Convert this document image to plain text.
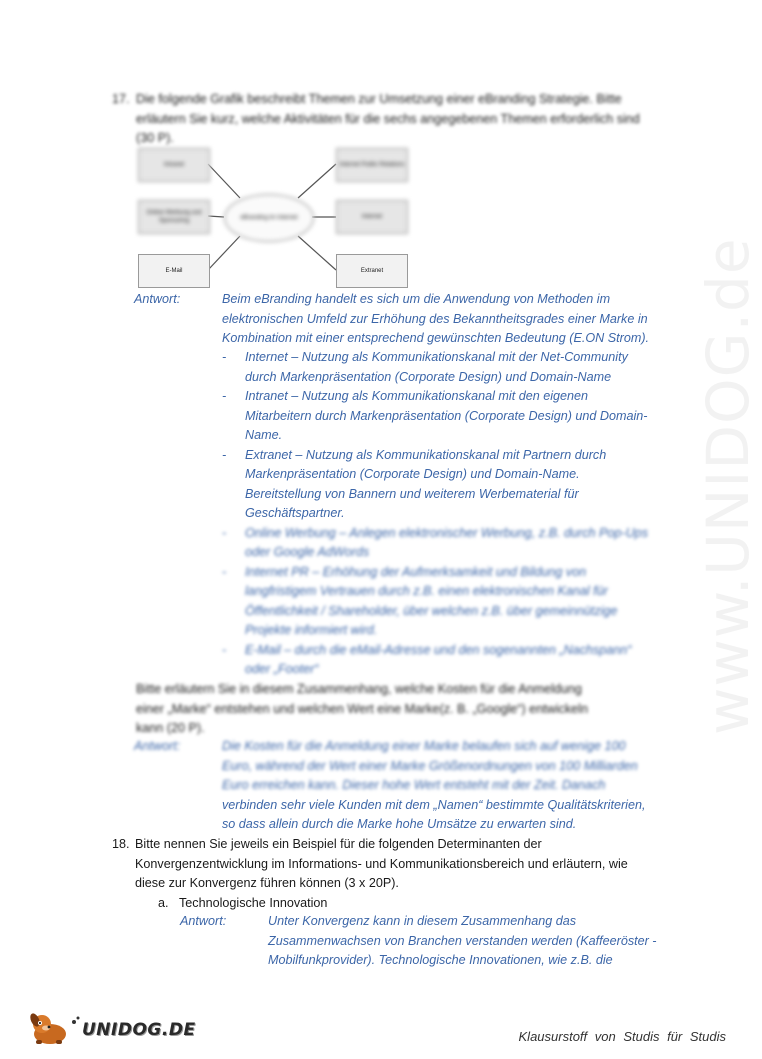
www.UNIDOG.de
17. Die folgende Grafik beschreibt Themen zur Umsetzung einer eBranding Strategie. Bitte
erläutern Sie kurz, welche Aktivitäten für die sechs angegebenen Themen erforderlich sind
(30 P).
Intranet
Online Werbung und Sponsoring
E-Mail
Internet Public Relations
Internet
Extranet
eBranding im Internet
Antwort:	Beim eBranding handelt es sich um die Anwendung von Methoden im
elektronischen Umfeld zur Erhöhung des Bekanntheitsgrades einer Marke in
Kombination mit einer entsprechend gewünschten Bedeutung (E.ON Strom).
- Internet – Nutzung als Kommunikationskanal mit der Net-Community
durch Markenpräsentation (Corporate Design) und Domain-Name
- Intranet – Nutzung als Kommunikationskanal mit den eigenen
Mitarbeitern durch Markenpräsentation (Corporate Design) und Domain-
Name.
- Extranet – Nutzung als Kommunikationskanal mit Partnern durch
Markenpräsentation (Corporate Design) und Domain-Name.
Bereitstellung von Bannern und weiterem Werbematerial für
Geschäftspartner.
- Online Werbung – Anlegen elektronischer Werbung, z.B. durch Pop-Ups
oder Google AdWords
- Internet PR – Erhöhung der Aufmerksamkeit und Bildung von
langfristigem Vertrauen durch z.B. einen elektronischen Kanal für
Öffentlichkeit / Shareholder, über welchen z.B. über gemeinnützige
Projekte informiert wird.
- E-Mail – durch die eMail-Adresse und den sogenannten „Nachspann“
oder „Footer“
Bitte erläutern Sie in diesem Zusammenhang, welche Kosten für die Anmeldung
einer „Marke“ entstehen und welchen Wert eine Marke(z. B. „Google“) entwickeln
kann (20 P).
Antwort:	Die Kosten für die Anmeldung einer Marke belaufen sich auf wenige 100
Euro, während der Wert einer Marke Größenordnungen von 100 Milliarden
Euro erreichen kann. Dieser hohe Wert entsteht mit der Zeit. Danach
verbinden sehr viele Kunden mit dem „Namen“ bestimmte Qualitätskriterien,
so dass allein durch die Marke hohe Umsätze zu erwarten sind.
18. Bitte nennen Sie jeweils ein Beispiel für die folgenden Determinanten der
Konvergenzentwicklung im Informations- und Kommunikationsbereich und erläutern, wie
diese zur Konvergenz führen können (3 x 20P).
a. Technologische Innovation
Antwort:	Unter Konvergenz kann in diesem Zusammenhang das
Zusammenwachsen von Branchen verstanden werden (Kaffeeröster -
Mobilfunkprovider). Technologische Innovationen, wie z.B. die
UNIDOG.DE	Klausurstoff von Studis für Studis
